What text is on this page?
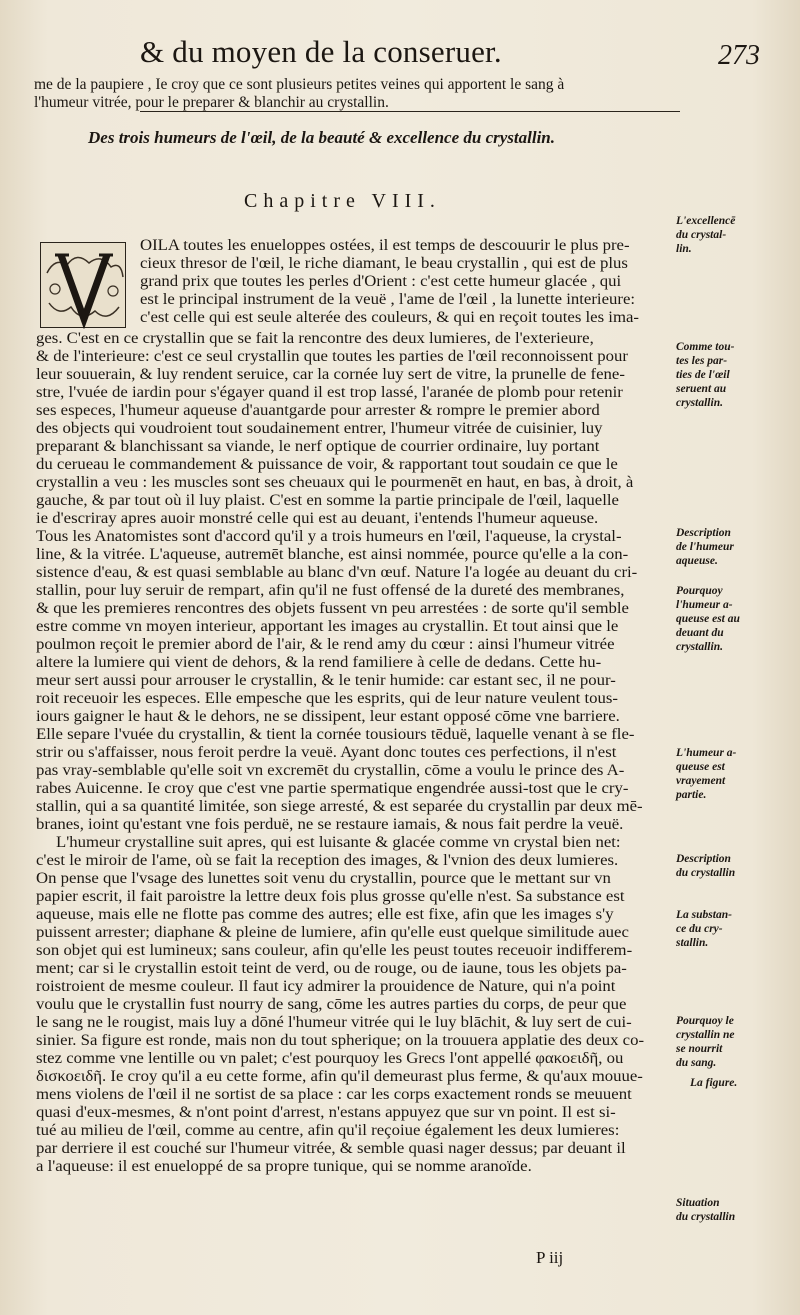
& du moyen de la conseruer.	273
me de la paupiere , Ie croy que ce sont plusieurs petites veines qui apportent le sang à
l'humeur vitrée, pour le preparer & blanchir au crystallin.
Des trois humeurs de l'œil, de la beauté & excellence du crystallin.
Chapitre VIII.
OILA toutes les enueloppes ostées, il est temps de descouurir le plus pre-
cieux thresor de l'œil, le riche diamant, le beau crystallin , qui est de plus
grand prix que toutes les perles d'Orient : c'est cette humeur glacée , qui
est le principal instrument de la veuë , l'ame de l'œil , la lunette interieure:
c'est celle qui est seule alterée des couleurs, & qui en reçoit toutes les ima-
ges. C'est en ce crystallin que se fait la rencontre des deux lumieres, de l'exterieure,
& de l'interieure: c'est ce seul crystallin que toutes les parties de l'œil reconnoissent pour
leur souuerain, & luy rendent seruice, car la cornée luy sert de vitre, la prunelle de fene-
stre, l'vuée de iardin pour s'égayer quand il est trop lassé, l'aranée de plomb pour retenir
ses especes, l'humeur aqueuse d'auantgarde pour arrester & rompre le premier abord
des objects qui voudroient tout soudainement entrer, l'humeur vitrée de cuisinier, luy
preparant & blanchissant sa viande, le nerf optique de courrier ordinaire, luy portant
du cerueau le commandement & puissance de voir, & rapportant tout soudain ce que le
crystallin a veu : les muscles sont ses cheuaux qui le pourmenēt en haut, en bas, à droit, à
gauche, & par tout où il luy plaist. C'est en somme la partie principale de l'œil, laquelle
ie d'escriray apres auoir monstré celle qui est au deuant, i'entends l'humeur aqueuse.
Tous les Anatomistes sont d'accord qu'il y a trois humeurs en l'œil, l'aqueuse, la crystal-
line, & la vitrée. L'aqueuse, autremēt blanche, est ainsi nommée, pource qu'elle a la con-
sistence d'eau, & est quasi semblable au blanc d'vn œuf. Nature l'a logée au deuant du cri-
stallin, pour luy seruir de rempart, afin qu'il ne fust offensé de la dureté des membranes,
& que les premieres rencontres des objets fussent vn peu arrestées : de sorte qu'il semble
estre comme vn moyen interieur, apportant les images au crystallin. Et tout ainsi que le
poulmon reçoit le premier abord de l'air, & le rend amy du cœur : ainsi l'humeur vitrée
altere la lumiere qui vient de dehors, & la rend familiere à celle de dedans. Cette hu-
meur sert aussi pour arrouser le crystallin, & le tenir humide: car estant sec, il ne pour-
roit receuoir les especes. Elle empesche que les esprits, qui de leur nature veulent tous-
iours gaigner le haut & le dehors, ne se dissipent, leur estant opposé cōme vne barriere.
Elle separe l'vuée du crystallin, & tient la cornée tousiours tēduë, laquelle venant à se fle-
strir ou s'affaisser, nous feroit perdre la veuë. Ayant donc toutes ces perfections, il n'est
pas vray-semblable qu'elle soit vn excremēt du crystallin, cōme a voulu le prince des A-
rabes Auicenne. Ie croy que c'est vne partie spermatique engendrée aussi-tost que le cry-
stallin, qui a sa quantité limitée, son siege arresté, & est separée du crystallin par deux mē-
branes, ioint qu'estant vne fois perduë, ne se restaure iamais, & nous fait perdre la veuë.
L'humeur crystalline suit apres, qui est luisante & glacée comme vn crystal bien net:
c'est le miroir de l'ame, où se fait la reception des images, & l'vnion des deux lumieres.
On pense que l'vsage des lunettes soit venu du crystallin, pource que le mettant sur vn
papier escrit, il fait paroistre la lettre deux fois plus grosse qu'elle n'est. Sa substance est
aqueuse, mais elle ne flotte pas comme des autres; elle est fixe, afin que les images s'y
puissent arrester; diaphane & pleine de lumiere, afin qu'elle eust quelque similitude auec
son objet qui est lumineux; sans couleur, afin qu'elle les peust toutes receuoir indifferem-
ment; car si le crystallin estoit teint de verd, ou de rouge, ou de iaune, tous les objets pa-
roistroient de mesme couleur. Il faut icy admirer la prouidence de Nature, qui n'a point
voulu que le crystallin fust nourry de sang, cōme les autres parties du corps, de peur que
le sang ne le rougist, mais luy a dōné l'humeur vitrée qui le luy blāchit, & luy sert de cui-
sinier. Sa figure est ronde, mais non du tout spherique; on la trouuera applatie des deux co-
stez comme vne lentille ou vn palet; c'est pourquoy les Grecs l'ont appellé φακοειδῆ, ou
δισκοειδῆ. Ie croy qu'il a eu cette forme, afin qu'il demeurast plus ferme, & qu'aux mouue-
mens violens de l'œil il ne sortist de sa place : car les corps exactement ronds se meuuent
quasi d'eux-mesmes, & n'ont point d'arrest, n'estans appuyez que sur vn point. Il est si-
tué au milieu de l'œil, comme au centre, afin qu'il reçoiue également les deux lumieres:
par derriere il est couché sur l'humeur vitrée, & semble quasi nager dessus; par deuant il
a l'aqueuse: il est enueloppé de sa propre tunique, qui se nomme aranoïde.
L'excellencē
du crystal-
lin.
Comme tou-
tes les par-
ties de l'œil
seruent au
crystallin.
Description
de l'humeur
aqueuse.
Pourquoy
l'humeur a-
queuse est au
deuant du
crystallin.
L'humeur a-
queuse est
vrayement
partie.
Description
du crystallin
La substan-
ce du cry-
stallin.
Pourquoy le
crystallin ne
se nourrit
du sang.
La figure.
Situation
du crystallin
P iij
